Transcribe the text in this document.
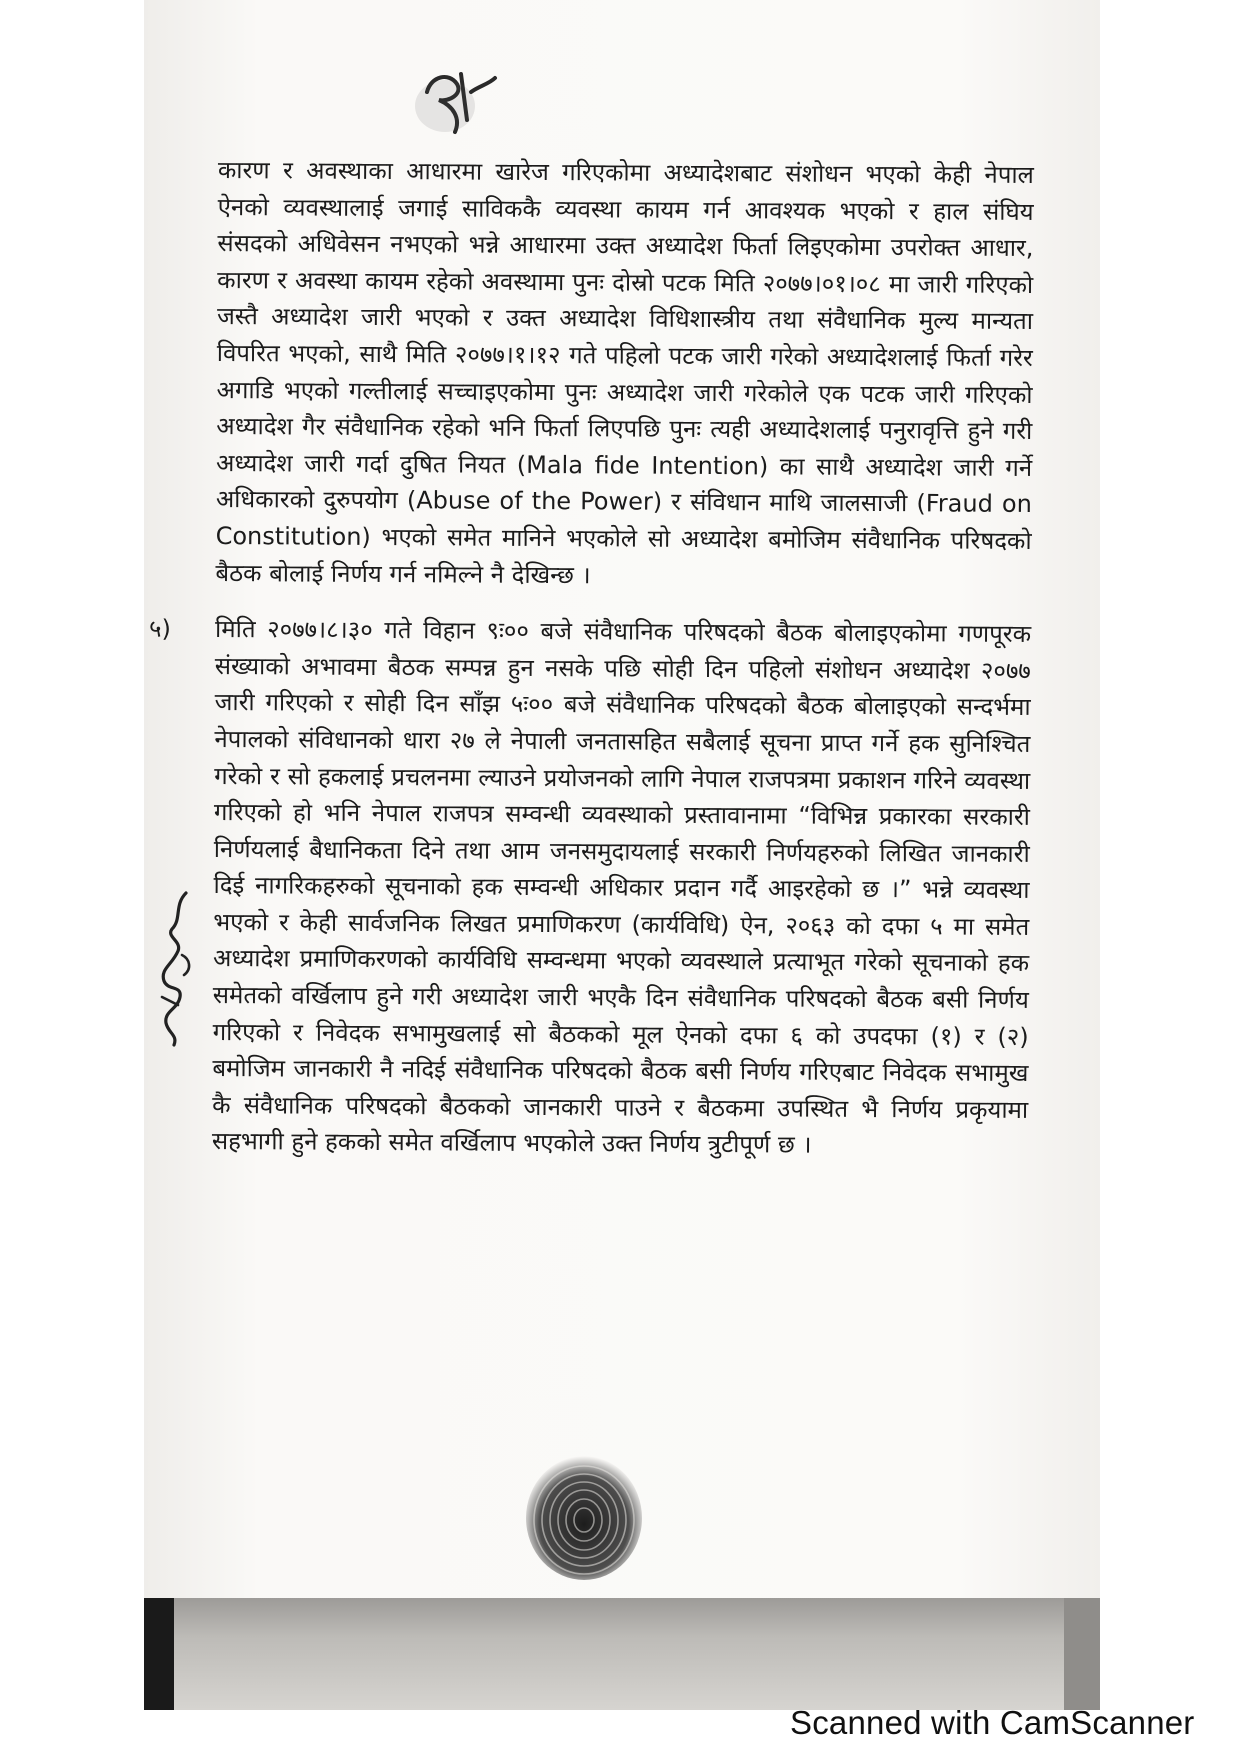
कारण र अवस्थाका आधारमा खारेज गरिएकोमा अध्यादेशबाट संशोधन भएको केही नेपाल ऐनको व्यवस्थालाई जगाई साविककै व्यवस्था कायम गर्न आवश्यक भएको र हाल संघिय संसदको अधिवेसन नभएको भन्ने आधारमा उक्त अध्यादेश फिर्ता लिइएकोमा उपरोक्त आधार, कारण र अवस्था कायम रहेको अवस्थामा पुनः दोस्रो पटक मिति २०७७।०१।०८ मा जारी गरिएको जस्तै अध्यादेश जारी भएको र उक्त अध्यादेश विधिशास्त्रीय तथा संवैधानिक मुल्य मान्यता विपरित भएको, साथै मिति २०७७।१।१२ गते पहिलो पटक जारी गरेको अध्यादेशलाई फिर्ता गरेर अगाडि भएको गल्तीलाई सच्चाइएकोमा पुनः अध्यादेश जारी गरेकोले एक पटक जारी गरिएको अध्यादेश गैर संवैधानिक रहेको भनि फिर्ता लिएपछि पुनः त्यही अध्यादेशलाई पनुरावृत्ति हुने गरी अध्यादेश जारी गर्दा दुषित नियत (Mala fide Intention) का साथै अध्यादेश जारी गर्ने अधिकारको दुरुपयोग (Abuse of the Power) र संविधान माथि जालसाजी (Fraud on Constitution) भएको समेत मानिने भएकोले सो अध्यादेश बमोजिम संवैधानिक परिषदको बैठक बोलाई निर्णय गर्न नमिल्ने नै देखिन्छ ।

५) मिति २०७७।८।३० गते विहान ९ः०० बजे संवैधानिक परिषदको बैठक बोलाइएकोमा गणपूरक संख्याको अभावमा बैठक सम्पन्न हुन नसके पछि सोही दिन पहिलो संशोधन अध्यादेश २०७७ जारी गरिएको र सोही दिन साँझ ५ः०० बजे संवैधानिक परिषदको बैठक बोलाइएको सन्दर्भमा नेपालको संविधानको धारा २७ ले नेपाली जनतासहित सबैलाई सूचना प्राप्त गर्ने हक सुनिश्चित गरेको र सो हकलाई प्रचलनमा ल्याउने प्रयोजनको लागि नेपाल राजपत्रमा प्रकाशन गरिने व्यवस्था गरिएको हो भनि नेपाल राजपत्र सम्वन्धी व्यवस्थाको प्रस्तावानामा “विभिन्न प्रकारका सरकारी निर्णयलाई बैधानिकता दिने तथा आम जनसमुदायलाई सरकारी निर्णयहरुको लिखित जानकारी दिई नागरिकहरुको सूचनाको हक सम्वन्धी अधिकार प्रदान गर्दै आइरहेको छ ।” भन्ने व्यवस्था भएको र केही सार्वजनिक लिखत प्रमाणिकरण (कार्यविधि) ऐन, २०६३ को दफा ५ मा समेत अध्यादेश प्रमाणिकरणको कार्यविधि सम्वन्धमा भएको व्यवस्थाले प्रत्याभूत गरेको सूचनाको हक समेतको वर्खिलाप हुने गरी अध्यादेश जारी भएकै दिन संवैधानिक परिषदको बैठक बसी निर्णय गरिएको र निवेदक सभामुखलाई सो बैठकको मूल ऐनको दफा ६ को उपदफा (१) र (२) बमोजिम जानकारी नै नदिई संवैधानिक परिषदको बैठक बसी निर्णय गरिएबाट निवेदक सभामुख कै संवैधानिक परिषदको बैठकको जानकारी पाउने र बैठकमा उपस्थित भै निर्णय प्रकृयामा सहभागी हुने हकको समेत वर्खिलाप भएकोले उक्त निर्णय त्रुटीपूर्ण छ ।

Scanned with CamScanner
